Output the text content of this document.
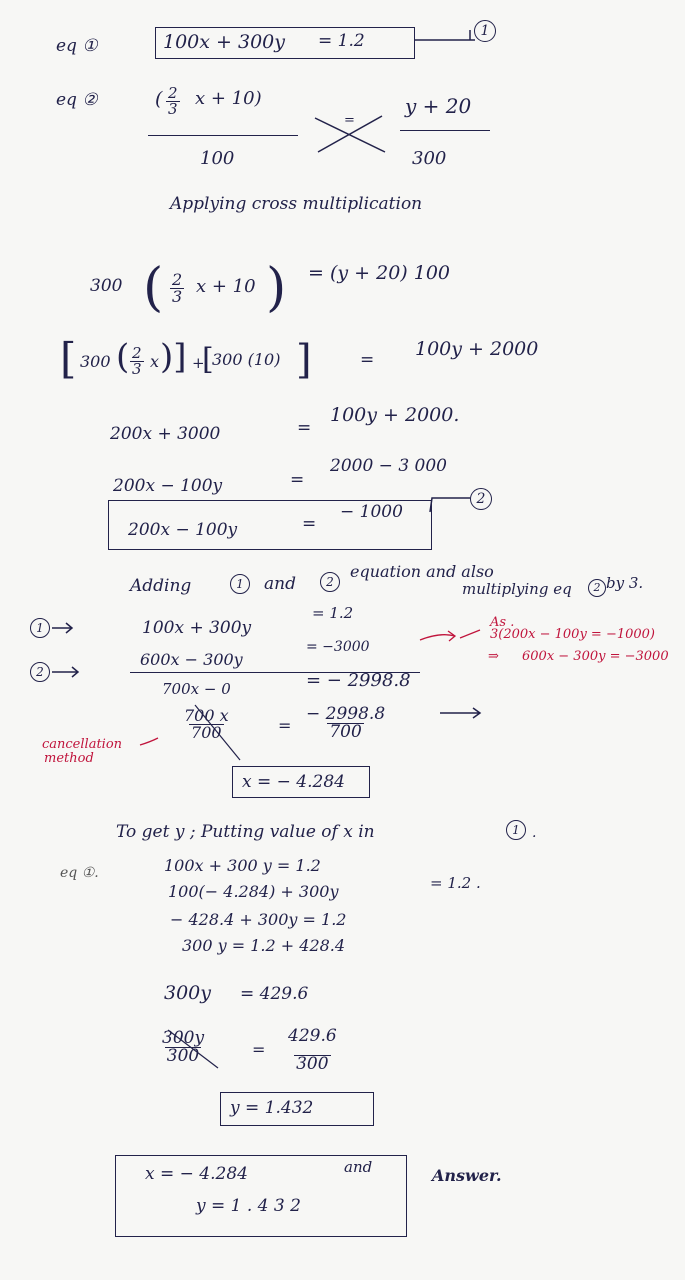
eq ①	100x + 300y = 1.2	1
eq ②	( $\frac{2}{3}$ x + 10)
100
=
y + 20
300
Applying cross multiplication
300 ( $\frac{2}{3}$ x + 10 ) = (y + 20) 100
[ 300 ( $\frac{2}{3}$ x )] +
[
300 (10) ]	= 100y + 2000
200x + 3000	=
100y + 2000.
200x − 100y	=
2000 − 3 000
200x − 100y	=
− 1000
2
Adding	1	and	2
equation and also
multiplying eq	2 by 3.
1	100x + 300y
= 1.2
2
600x − 300y
= −3000
700x − 0	= − 2998.8
As .
3(200x − 100y = −1000)
⇒ 600x − 300y = −3000
$\frac{700 x}{700}$	= $\frac{- 2998.8}{700}$
cancellation
method
x = − 4.284
To get y ; Putting value of x in	1 .
eq ①.	100x + 300 y = 1.2
100(− 4.284) + 300y	= 1.2 .
− 428.4 + 300y = 1.2
300 y = 1.2 + 428.4
300y = 429.6
$\frac{300y}{300}$	= $\frac{429.6}{300}$
y = 1.432
x = − 4.284	and
y = 1 . 4 3 2
Answer.
